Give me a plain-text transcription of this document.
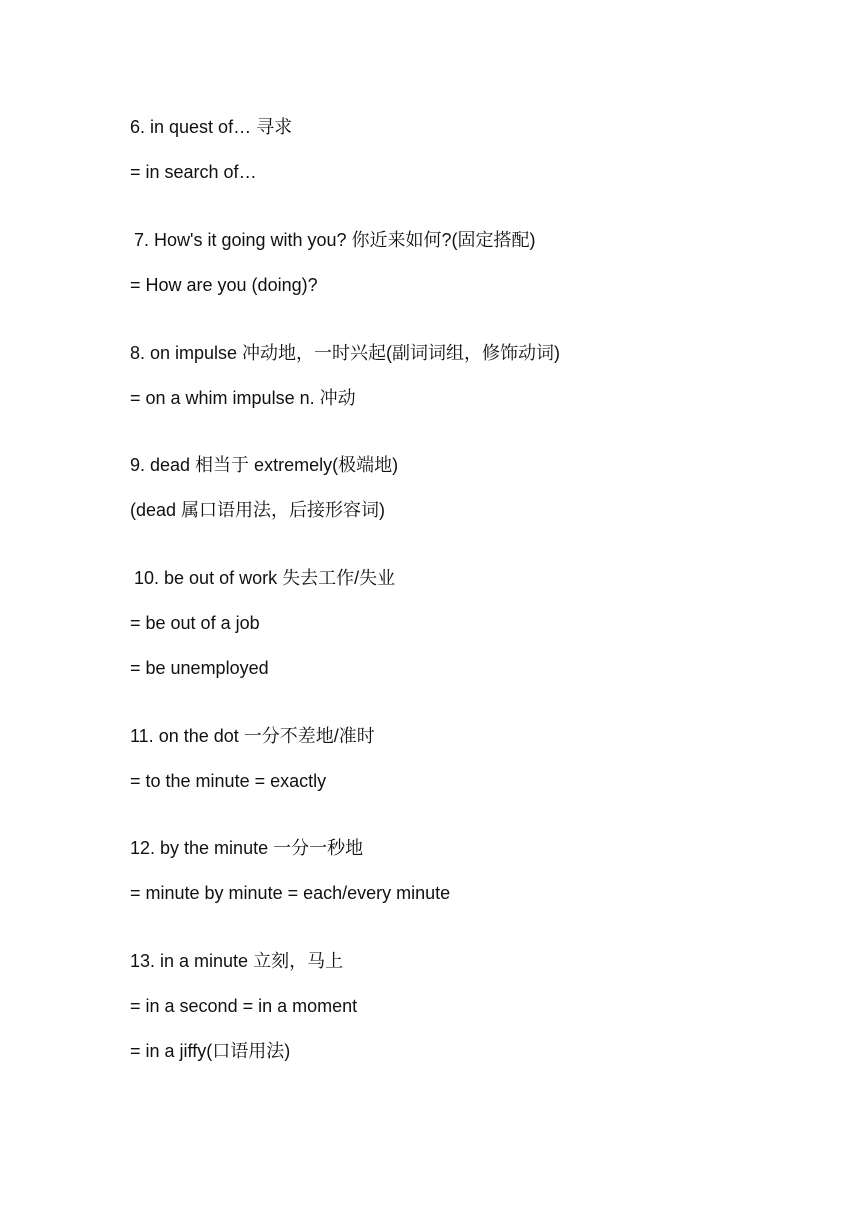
6. in quest of… 寻求
= in search of…
7. How's it going with you? 你近来如何?(固定搭配)
= How are you (doing)?
8. on impulse 冲动地，一时兴起(副词词组，修饰动词)
= on a whim impulse n. 冲动
9. dead 相当于 extremely(极端地)
(dead 属口语用法，后接形容词)
10. be out of work 失去工作/失业
= be out of a job
= be unemployed
11. on the dot 一分不差地/准时
= to the minute = exactly
12. by the minute 一分一秒地
= minute by minute = each/every minute
13. in a minute 立刻，马上
= in a second = in a moment
= in a jiffy(口语用法)
